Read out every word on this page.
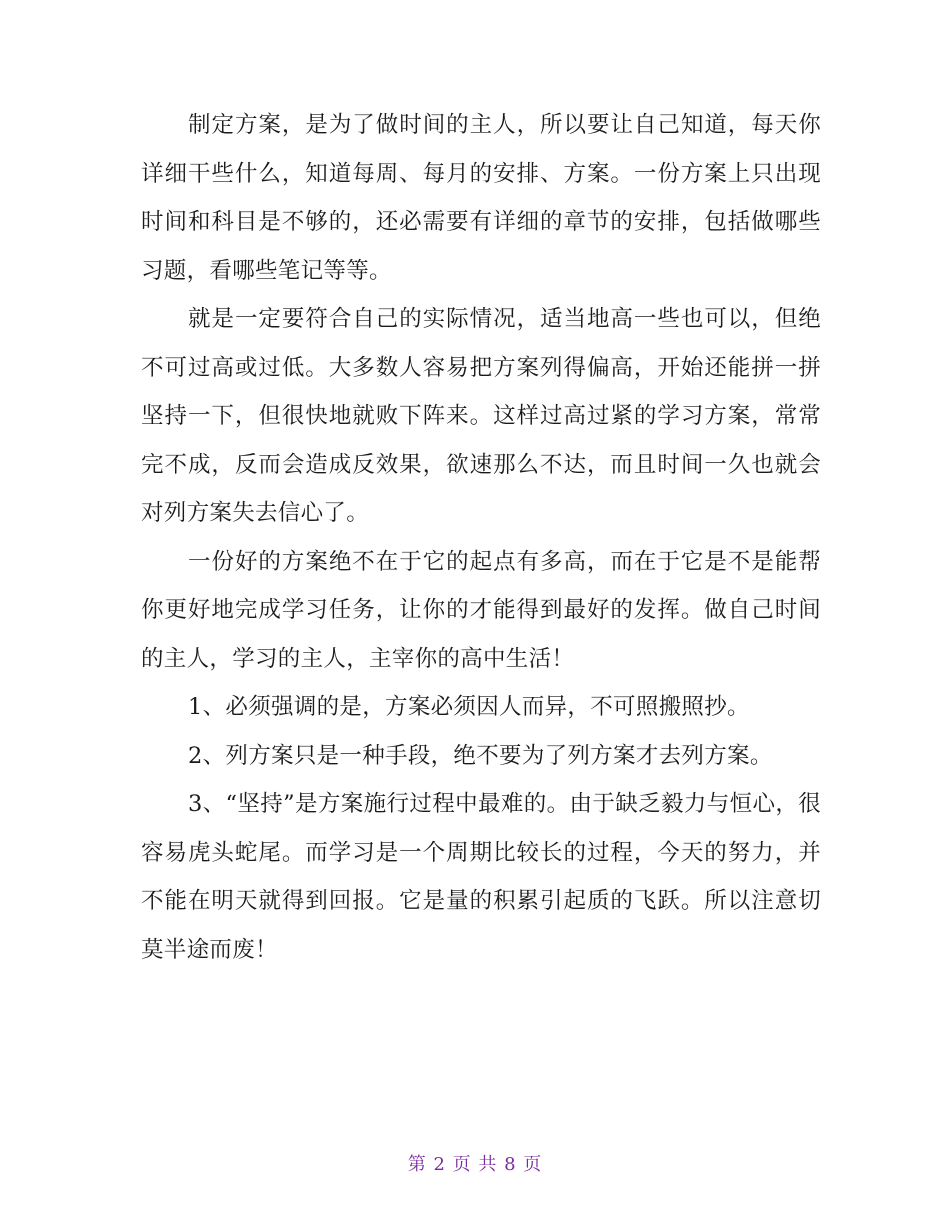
制定方案，是为了做时间的主人，所以要让自己知道，每天你详细干些什么，知道每周、每月的安排、方案。一份方案上只出现时间和科目是不够的，还必需要有详细的章节的安排，包括做哪些习题，看哪些笔记等等。

就是一定要符合自己的实际情况，适当地高一些也可以，但绝不可过高或过低。大多数人容易把方案列得偏高，开始还能拼一拼坚持一下，但很快地就败下阵来。这样过高过紧的学习方案，常常完不成，反而会造成反效果，欲速那么不达，而且时间一久也就会对列方案失去信心了。

一份好的方案绝不在于它的起点有多高，而在于它是不是能帮你更好地完成学习任务，让你的才能得到最好的发挥。做自己时间的主人，学习的主人，主宰你的高中生活！

1、必须强调的是，方案必须因人而异，不可照搬照抄。

2、列方案只是一种手段，绝不要为了列方案才去列方案。

3、“坚持”是方案施行过程中最难的。由于缺乏毅力与恒心，很容易虎头蛇尾。而学习是一个周期比较长的过程，今天的努力，并不能在明天就得到回报。它是量的积累引起质的飞跃。所以注意切莫半途而废！

第 2 页 共 8 页
